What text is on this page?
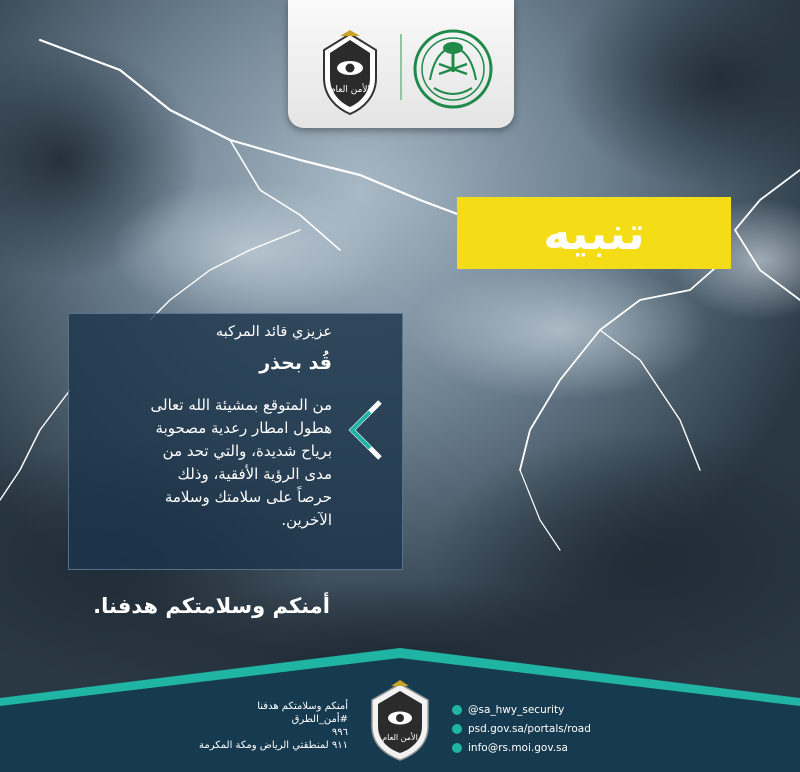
الأمن العام
تنبيه
عزيزي قائد المركبه
قُد بحذر

من المتوقع بمشيئة الله تعالى
هطول امطار رعدية مصحوبة
برياح شديدة، والتي تحد من
مدى الرؤية الأفقية، وذلك
حرصاً على سلامتك وسلامة
الآخرين.

أمنكم وسلامتكم هدفنا.
أمنكم وسلامتكم هدفنا
#أمن_الطرق
٩٩٦
٩١١ لمنطقتي الرياض ومكة المكرمة
الأمن العام
@sa_hwy_security
psd.gov.sa/portals/road
info@rs.moi.gov.sa
